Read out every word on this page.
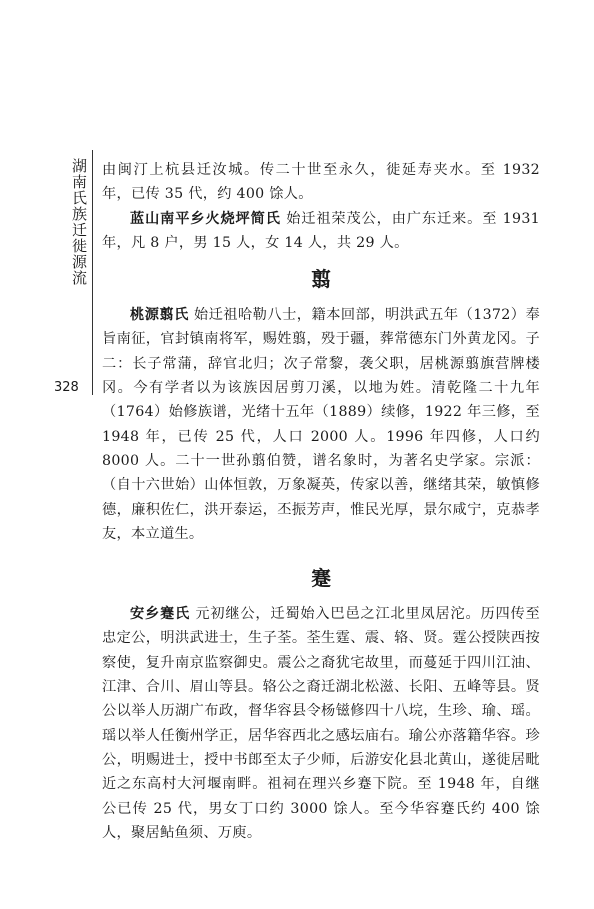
湖南氏族迁徙源流
328

由闽汀上杭县迁汝城。传二十世至永久，徙延寿夹水。至 1932 年，已传 35 代，约 400 馀人。

蓝山南平乡火烧坪简氏 始迁祖荣茂公，由广东迁来。至 1931 年，凡 8 户，男 15 人，女 14 人，共 29 人。

翦

桃源翦氏 始迁祖哈勒八士，籍本回部，明洪武五年（1372）奉旨南征，官封镇南将军，赐姓翦，殁于疆，葬常德东门外黄龙冈。子二：长子常蒲，辞官北归；次子常黎，袭父职，居桃源翦旗营牌楼冈。今有学者以为该族因居剪刀溪，以地为姓。清乾隆二十九年（1764）始修族谱，光绪十五年（1889）续修，1922 年三修，至 1948 年，已传 25 代，人口 2000 人。1996 年四修，人口约 8000 人。二十一世孙翦伯赞，谱名象时，为著名史学家。宗派：（自十六世始）山体恒敦，万象凝英，传家以善，继绪其荣，敏慎修德，廉积佐仁，洪开泰运，丕振芳声，惟民光厚，景尔咸宁，克恭孝友，本立道生。

蹇

安乡蹇氏 元初继公，迁蜀始入巴邑之江北里凤居沱。历四传至忠定公，明洪武进士，生子荃。荃生霆、震、辂、贤。霆公授陕西按察使，复升南京监察御史。震公之裔犹宅故里，而蔓延于四川江油、江津、合川、眉山等县。辂公之裔迁湖北松滋、长阳、五峰等县。贤公以举人历湖广布政，督华容县令杨镃修四十八垸，生珍、瑜、瑶。瑶以举人任衡州学正，居华容西北之感坛庙右。瑜公亦落籍华容。珍公，明赐进士，授中书郎至太子少师，后游安化县北黄山，遂徙居毗近之东高村大河堰南畔。祖祠在理兴乡蹇下院。至 1948 年，自继公已传 25 代，男女丁口约 3000 馀人。至今华容蹇氏约 400 馀人，聚居鲇鱼须、万庾。
